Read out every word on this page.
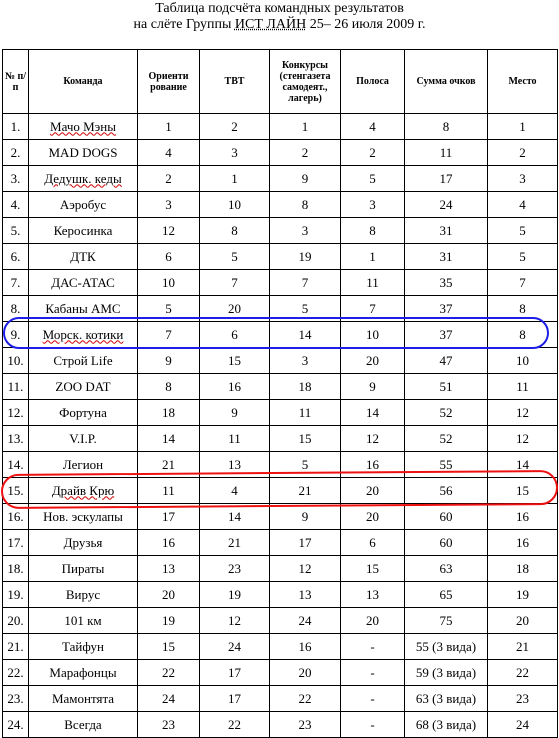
Таблица подсчёта командных результатов
на слёте Группы ИСТ ЛАЙН 25– 26 июля 2009 г.
№ п/ п	Команда	Ориенти рование	ТВТ	Конкурсы (стенгазета самодеят., лагерь)	Полоса	Сумма очков	Место
1.	Мачо Мэны	1	2	1	4	8	1
2.	MAD DOGS	4	3	2	2	11	2
3.	Дедушк. кеды	2	1	9	5	17	3
4.	Аэробус	3	10	8	3	24	4
5.	Керосинка	12	8	3	8	31	5
6.	ДТК	6	5	19	1	31	5
7.	ДАС-АТАС	10	7	7	11	35	7
8.	Кабаны АМС	5	20	5	7	37	8
9.	Морск. котики	7	6	14	10	37	8
10.	Строй Life	9	15	3	20	47	10
11.	ZOO DAT	8	16	18	9	51	11
12.	Фортуна	18	9	11	14	52	12
13.	V.I.P.	14	11	15	12	52	12
14.	Легион	21	13	5	16	55	14
15.	Драйв Крю	11	4	21	20	56	15
16.	Нов. эскулапы	17	14	9	20	60	16
17.	Друзья	16	21	17	6	60	16
18.	Пираты	13	23	12	15	63	18
19.	Вирус	20	19	13	13	65	19
20.	101 км	19	12	24	20	75	20
21.	Тайфун	15	24	16	-	55 (3 вида)	21
22.	Марафонцы	22	17	20	-	59 (3 вида)	22
23.	Мамонтята	24	17	22	-	63 (3 вида)	23
24.	Всегда	23	22	23	-	68 (3 вида)	24
